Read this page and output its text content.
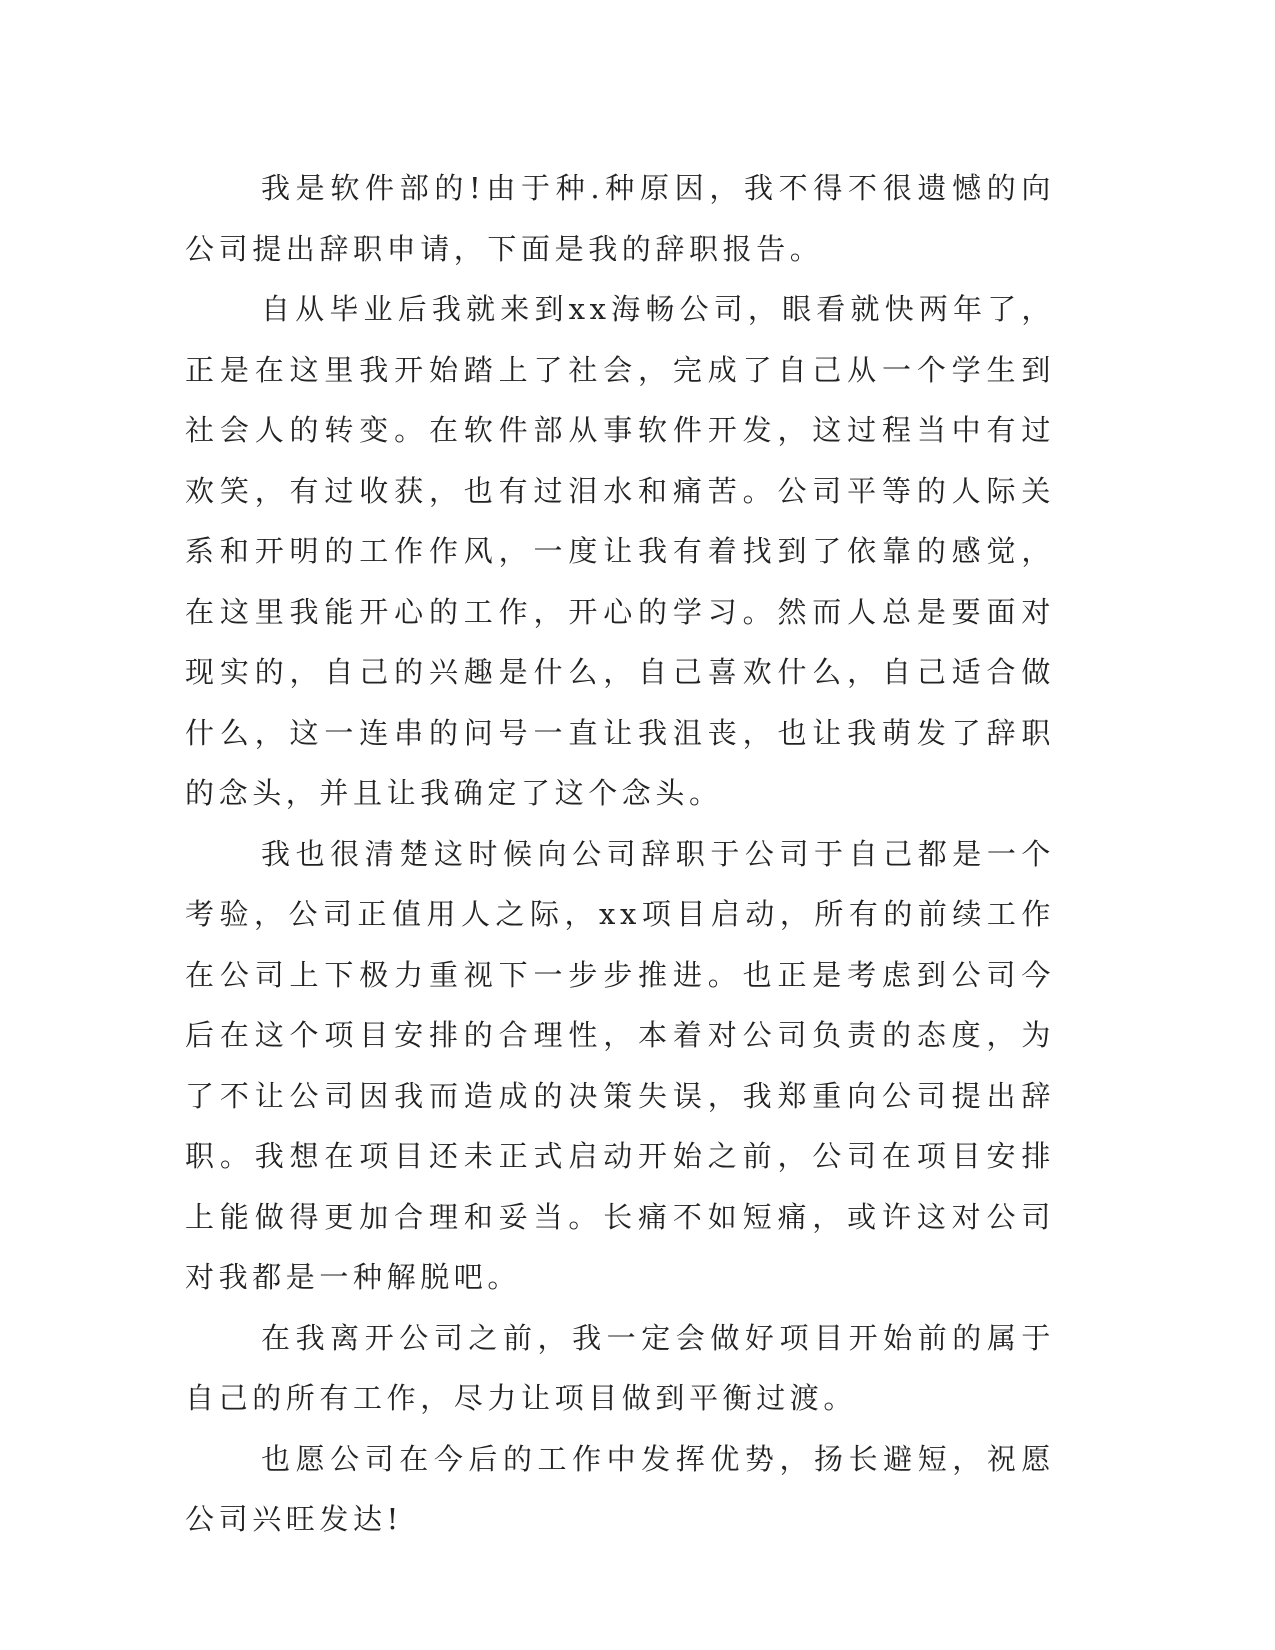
我是软件部的!由于种.种原因，我不得不很遗憾的向公司提出辞职申请，下面是我的辞职报告。

自从毕业后我就来到xx海畅公司，眼看就快两年了，正是在这里我开始踏上了社会，完成了自己从一个学生到社会人的转变。在软件部从事软件开发，这过程当中有过欢笑，有过收获，也有过泪水和痛苦。公司平等的人际关系和开明的工作作风，一度让我有着找到了依靠的感觉，在这里我能开心的工作，开心的学习。然而人总是要面对现实的，自己的兴趣是什么，自己喜欢什么，自己适合做什么，这一连串的问号一直让我沮丧，也让我萌发了辞职的念头，并且让我确定了这个念头。

我也很清楚这时候向公司辞职于公司于自己都是一个考验，公司正值用人之际，xx项目启动，所有的前续工作在公司上下极力重视下一步步推进。也正是考虑到公司今后在这个项目安排的合理性，本着对公司负责的态度，为了不让公司因我而造成的决策失误，我郑重向公司提出辞职。我想在项目还未正式启动开始之前，公司在项目安排上能做得更加合理和妥当。长痛不如短痛，或许这对公司对我都是一种解脱吧。

在我离开公司之前，我一定会做好项目开始前的属于自己的所有工作，尽力让项目做到平衡过渡。

也愿公司在今后的工作中发挥优势，扬长避短，祝愿公司兴旺发达!
